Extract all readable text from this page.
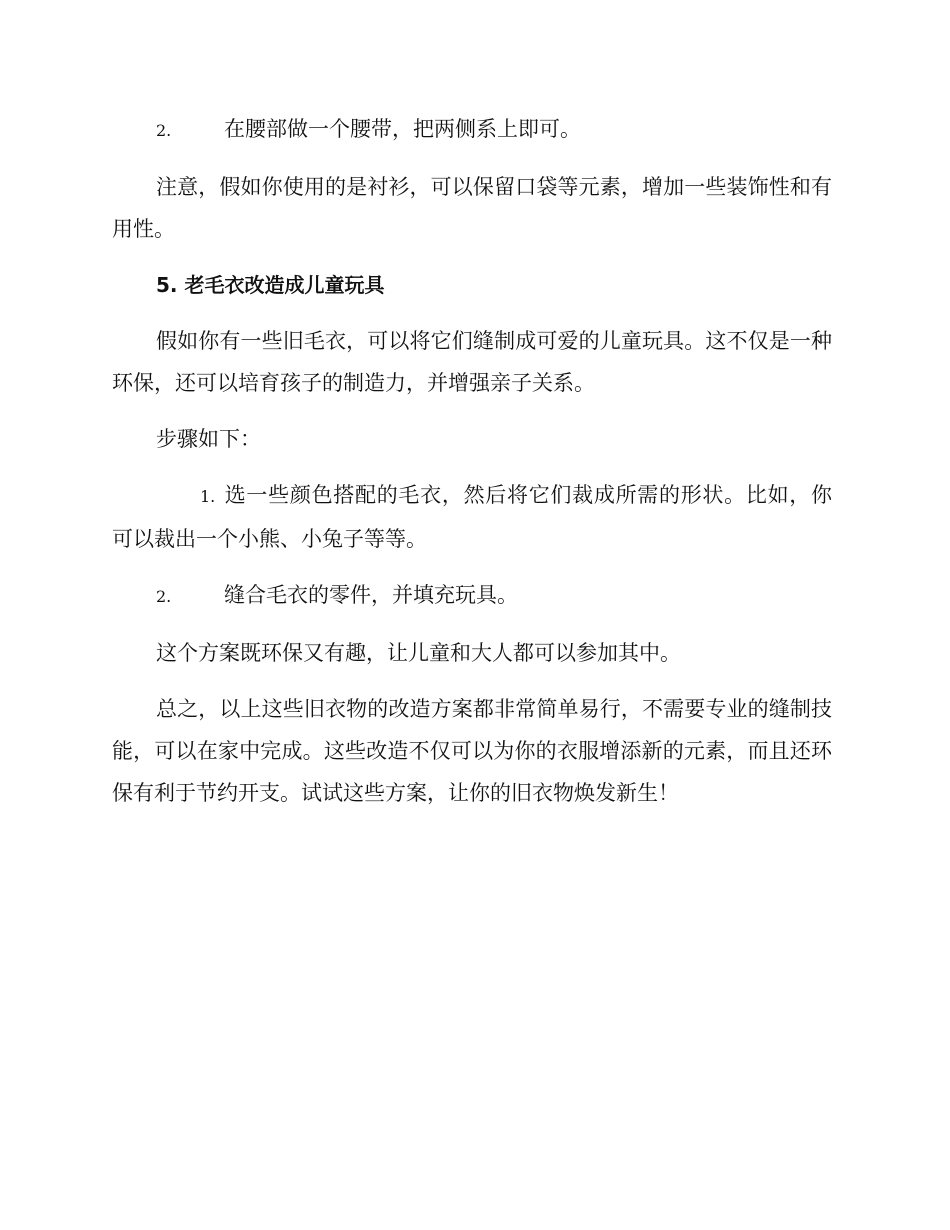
2.	在腰部做一个腰带，把两侧系上即可。

注意，假如你使用的是衬衫，可以保留口袋等元素，增加一些装饰性和有用性。

5. 老毛衣改造成儿童玩具

假如你有一些旧毛衣，可以将它们缝制成可爱的儿童玩具。这不仅是一种环保，还可以培育孩子的制造力，并增强亲子关系。

步骤如下：

1. 选一些颜色搭配的毛衣，然后将它们裁成所需的形状。比如，你可以裁出一个小熊、小兔子等等。
2.	缝合毛衣的零件，并填充玩具。

这个方案既环保又有趣，让儿童和大人都可以参加其中。

总之，以上这些旧衣物的改造方案都非常简单易行，不需要专业的缝制技能，可以在家中完成。这些改造不仅可以为你的衣服增添新的元素，而且还环保有利于节约开支。试试这些方案，让你的旧衣物焕发新生！
